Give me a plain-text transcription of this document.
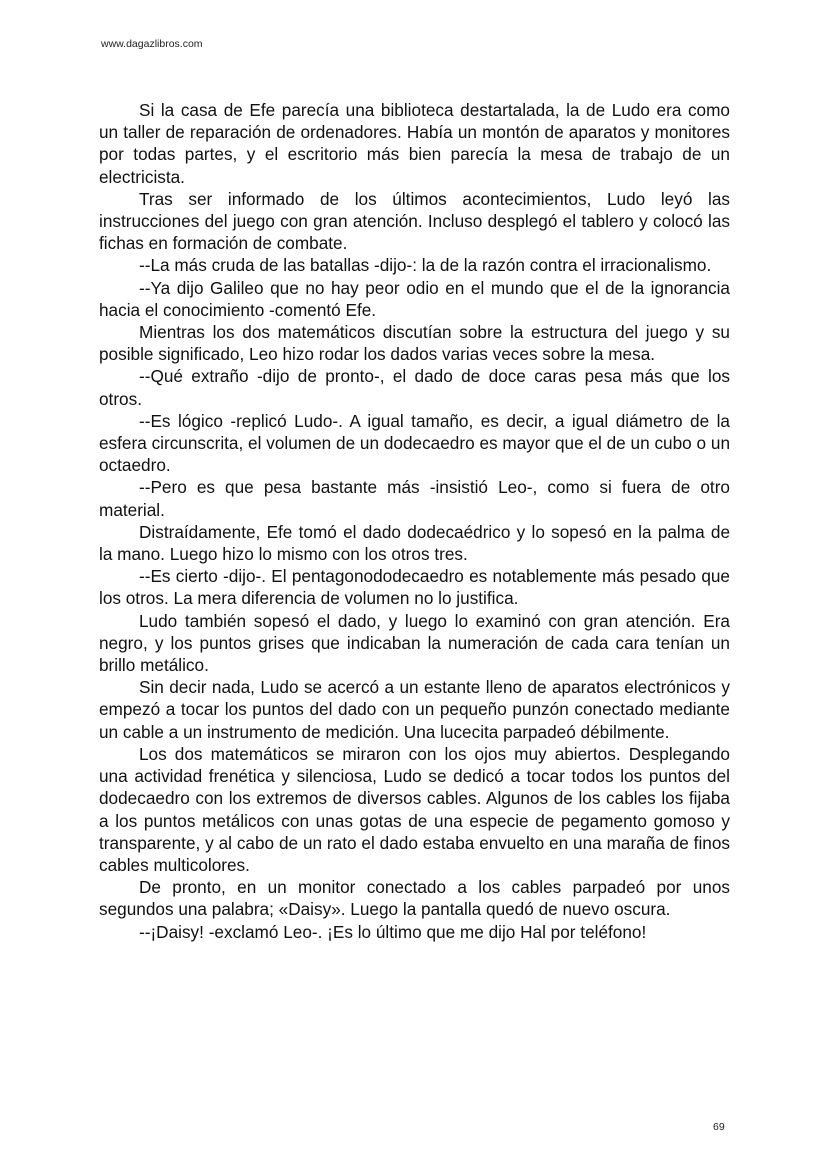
www.dagazlibros.com

Si la casa de Efe parecía una biblioteca destartalada, la de Ludo era como un taller de reparación de ordenadores. Había un montón de aparatos y monitores por todas partes, y el escritorio más bien parecía la mesa de trabajo de un electricista.

Tras ser informado de los últimos acontecimientos, Ludo leyó las instrucciones del juego con gran atención. Incluso desplegó el tablero y colocó las fichas en formación de combate.

--La más cruda de las batallas -dijo-: la de la razón contra el irracionalismo.

--Ya dijo Galileo que no hay peor odio en el mundo que el de la ignorancia hacia el conocimiento -comentó Efe.

Mientras los dos matemáticos discutían sobre la estructura del juego y su posible significado, Leo hizo rodar los dados varias veces sobre la mesa.

--Qué extraño -dijo de pronto-, el dado de doce caras pesa más que los otros.

--Es lógico -replicó Ludo-. A igual tamaño, es decir, a igual diámetro de la esfera circunscrita, el volumen de un dodecaedro es mayor que el de un cubo o un octaedro.

--Pero es que pesa bastante más -insistió Leo-, como si fuera de otro material.

Distraídamente, Efe tomó el dado dodecaédrico y lo sopesó en la palma de la mano. Luego hizo lo mismo con los otros tres.

--Es cierto -dijo-. El pentagonododecaedro es notablemente más pesado que los otros. La mera diferencia de volumen no lo justifica.

Ludo también sopesó el dado, y luego lo examinó con gran atención. Era negro, y los puntos grises que indicaban la numeración de cada cara tenían un brillo metálico.

Sin decir nada, Ludo se acercó a un estante lleno de aparatos electrónicos y empezó a tocar los puntos del dado con un pequeño punzón conectado mediante un cable a un instrumento de medición. Una lucecita parpadeó débilmente.

Los dos matemáticos se miraron con los ojos muy abiertos. Desplegando una actividad frenética y silenciosa, Ludo se dedicó a tocar todos los puntos del dodecaedro con los extremos de diversos cables. Algunos de los cables los fijaba a los puntos metálicos con unas gotas de una especie de pegamento gomoso y transparente, y al cabo de un rato el dado estaba envuelto en una maraña de finos cables multicolores.

De pronto, en un monitor conectado a los cables parpadeó por unos segundos una palabra; «Daisy». Luego la pantalla quedó de nuevo oscura.

--¡Daisy! -exclamó Leo-. ¡Es lo último que me dijo Hal por teléfono!

69
